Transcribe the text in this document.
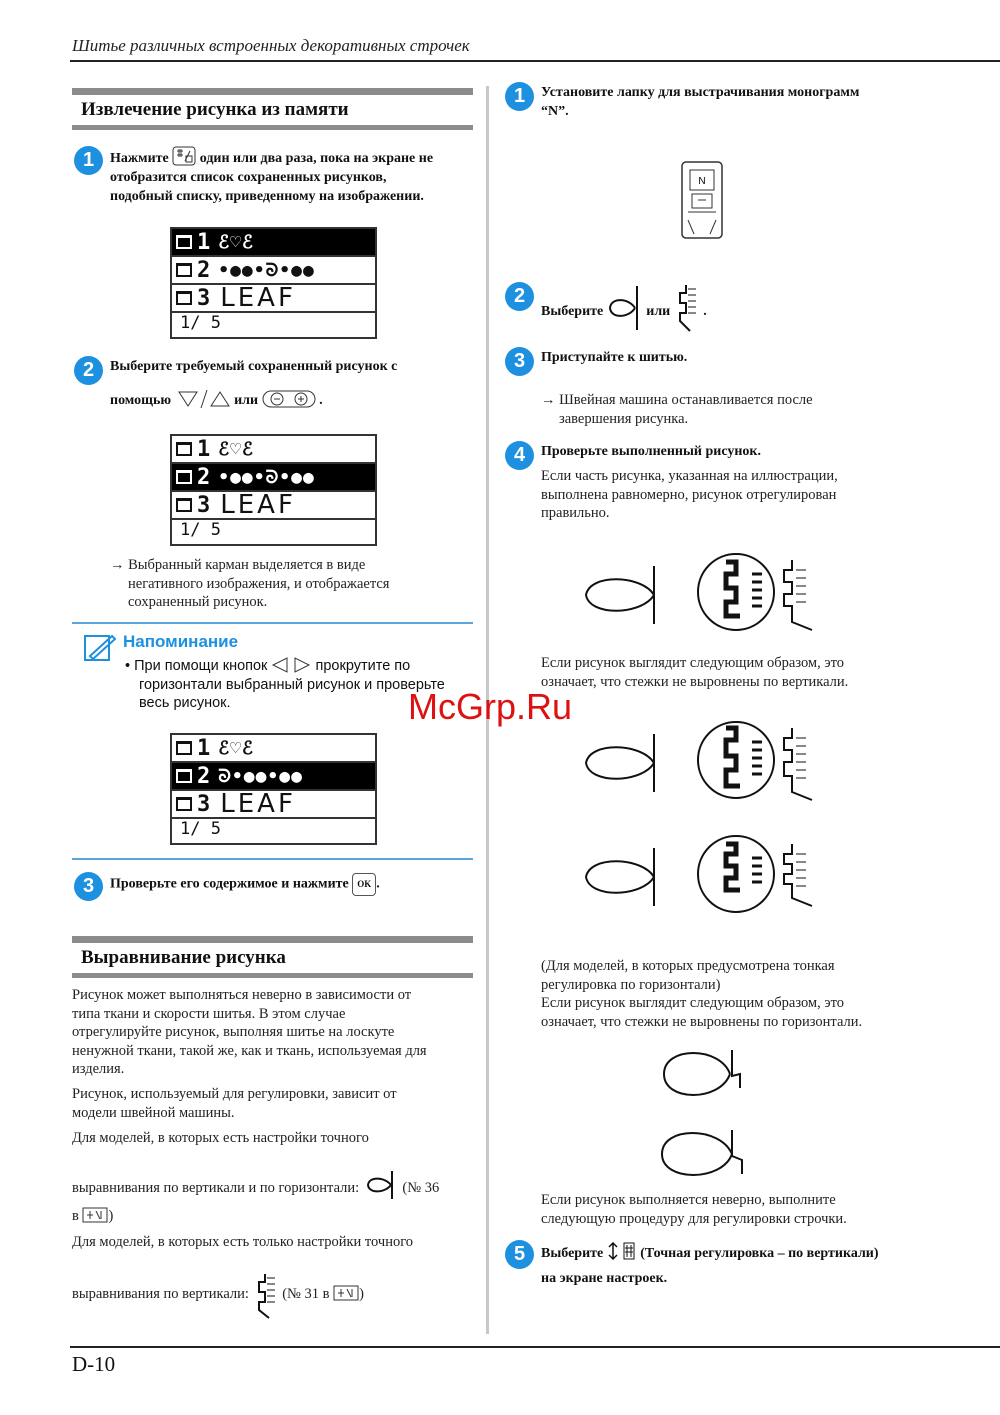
Шитье различных встроенных декоративных строчек
Извлечение рисунка из памяти
1	Нажмите один или два раза, пока на экране не
отобразится список сохраненных рисунков,
подобный списку, приведенному на изображении.
1 ℰ♡ℰ
2 •●●•ᘐ•●●
3 LEAF
1/ 5
2	Выберите требуемый сохраненный рисунок с
помощью	или	.
1 ℰ♡ℰ
2 •●●•ᘐ•●●
3 LEAF
1/ 5
→ Выбранный карман выделяется в виде
негативного изображения, и отображается
сохраненный рисунок.
Напоминание
• При помощи кнопок	прокрутите по
горизонтали выбранный рисунок и проверьте
весь рисунок.
1 ℰ♡ℰ
2 ᘐ•●●•●●
3 LEAF
1/ 5
3	Проверьте его содержимое и нажмите OK .
Выравнивание рисунка
Рисунок может выполняться неверно в зависимости от
типа ткани и скорости шитья. В этом случае
отрегулируйте рисунок, выполняя шитье на лоскуте
ненужной ткани, такой же, как и ткань, используемая для
изделия.
Рисунок, используемый для регулировки, зависит от
модели швейной машины.
Для моделей, в которых есть настройки точного
выравнивания по вертикали и по горизонтали:	(№ 36
в )
Для моделей, в которых есть только настройки точного
выравнивания по вертикали: (№ 31 в )
1	Установите лапку для выстрачивания монограмм
“N”.
N
2
Выберите	или .
3	Приступайте к шитью.
→ Швейная машина останавливается после
завершения рисунка.
4	Проверьте выполненный рисунок.
Если часть рисунка, указанная на иллюстрации,
выполнена равномерно, рисунок отрегулирован
правильно.
Если рисунок выглядит следующим образом, это
означает, что стежки не выровнены по вертикали.
(Для моделей, в которых предусмотрена тонкая
регулировка по горизонтали)
Если рисунок выглядит следующим образом, это
означает, что стежки не выровнены по горизонтали.
Если рисунок выполняется неверно, выполните
следующую процедуру для регулировки строчки.
5	Выберите	(Точная регулировка – по вертикали)
на экране настроек.
McGrp.Ru
D-10
